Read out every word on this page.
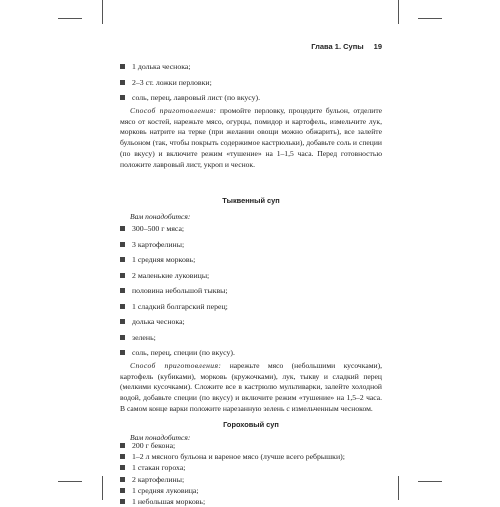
Глава 1. Супы 19
1 долька чеснока;
2–3 ст. ложки перловки;
соль, перец, лавровый лист (по вкусу).

Способ приготовления: промойте перловку, процедите бульон, отделите мясо от костей, нарежьте мясо, огурцы, помидор и картофель, измельчите лук, морковь натрите на терке (при желании овощи можно обжарить), все залейте бульоном (так, чтобы покрыть содержимое кастрюльки), добавьте соль и специи (по вкусу) и включите режим «тушение» на 1–1,5 часа. Перед готовностью положите лавровый лист, укроп и чеснок.

Тыквенный суп

Вам понадобится:

300–500 г мяса;
3 картофелины;
1 средняя морковь;
2 маленькие луковицы;
половина небольшой тыквы;
1 сладкий болгарский перец;
долька чеснока;
зелень;
соль, перец, специи (по вкусу).

Способ приготовления: нарежьте мясо (небольшими кусочками), картофель (кубиками), морковь (кружочками), лук, тыкву и сладкий перец (мелкими кусочками). Сложите все в кастрюлю мультиварки, залейте холодной водой, добавьте специи (по вкусу) и включите режим «тушение» на 1,5–2 часа. В самом конце варки положите нарезанную зелень с измельченным чесноком.

Гороховый суп

Вам понадобится:

200 г бекона;
1–2 л мясного бульона и вареное мясо (лучше всего ребрышки);
1 стакан гороха;
2 картофелины;
1 средняя луковица;
1 небольшая морковь;
